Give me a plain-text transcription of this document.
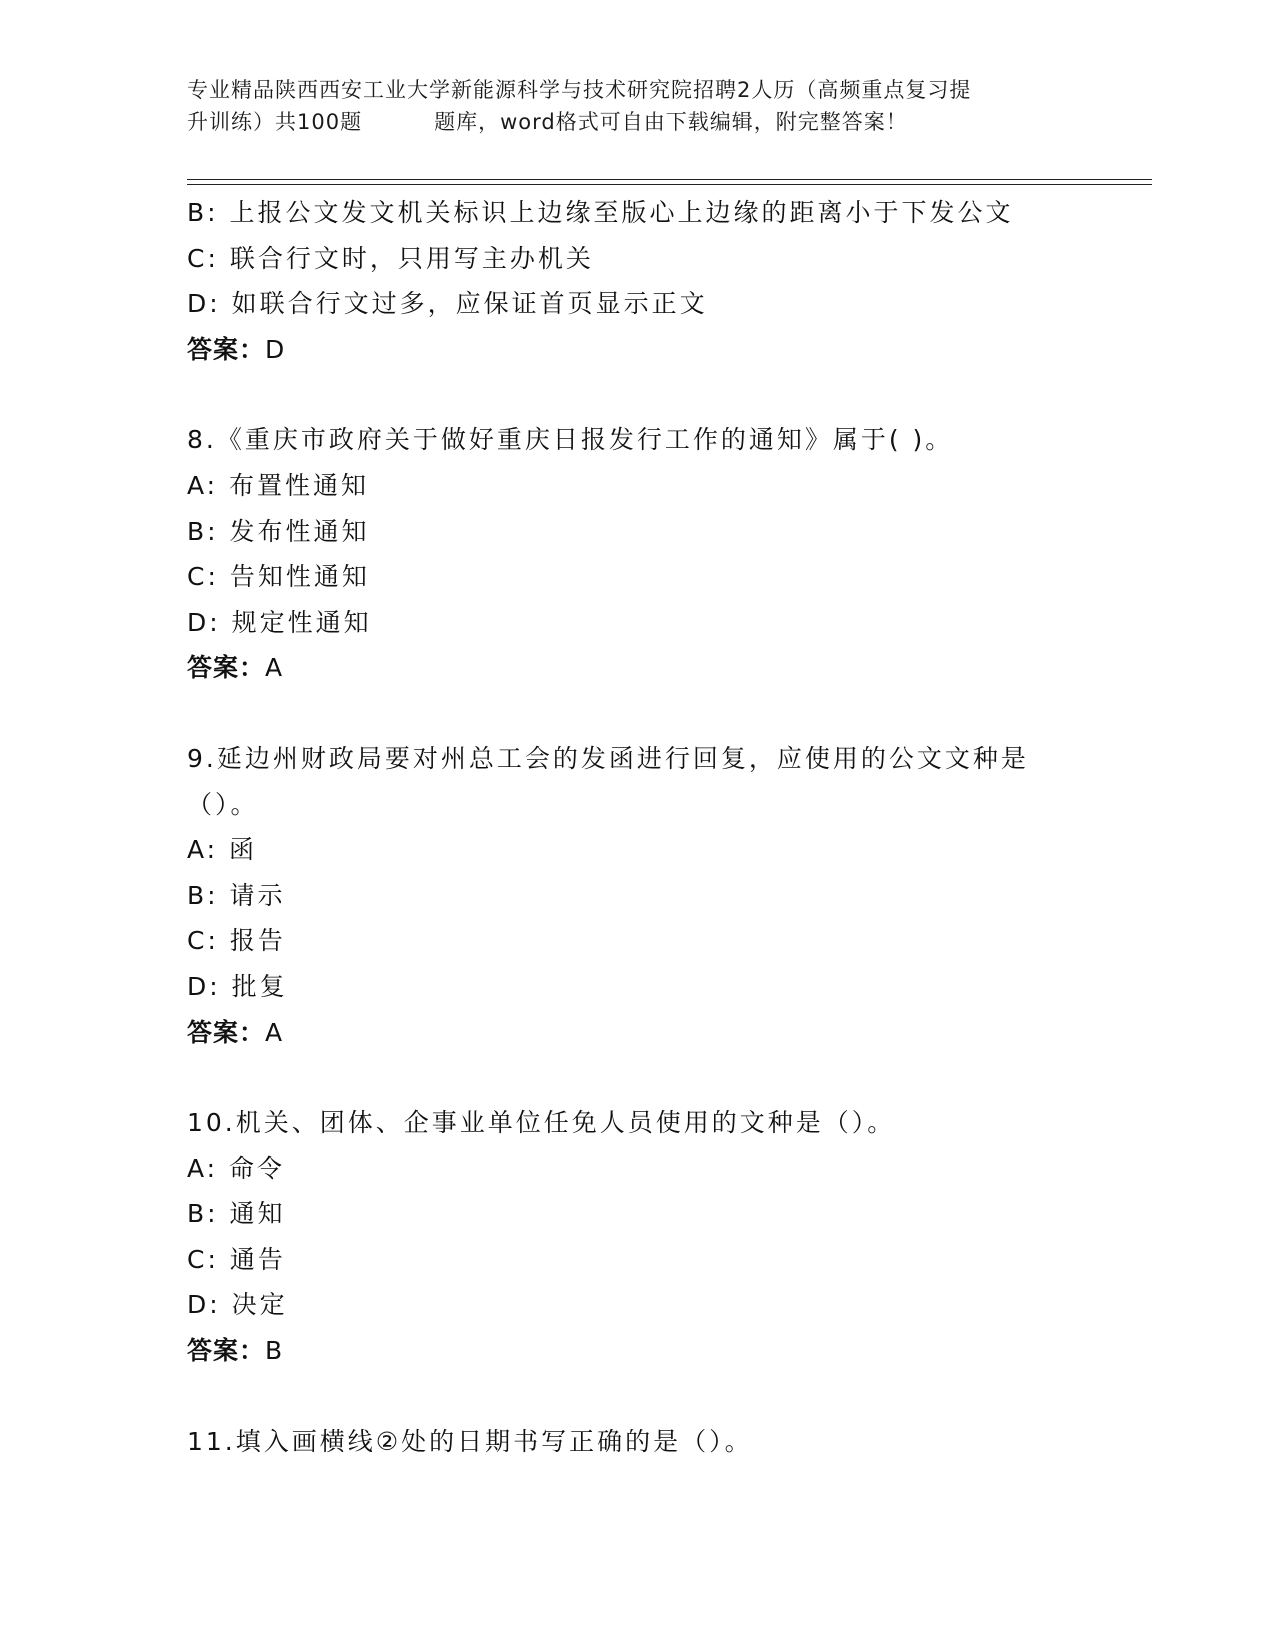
专业精品陕西西安工业大学新能源科学与技术研究院招聘2人历（高频重点复习提
升训练）共100题	题库，word格式可自由下载编辑，附完整答案！
B: 上报公文发文机关标识上边缘至版心上边缘的距离小于下发公文
C: 联合行文时，只用写主办机关
D: 如联合行文过多，应保证首页显示正文
答案：D
8.《重庆市政府关于做好重庆日报发行工作的通知》属于( )。
A: 布置性通知
B: 发布性通知
C: 告知性通知
D: 规定性通知
答案：A
9.延边州财政局要对州总工会的发函进行回复，应使用的公文文种是
（）。
A: 函
B: 请示
C: 报告
D: 批复
答案：A
10.机关、团体、企事业单位任免人员使用的文种是（）。
A: 命令
B: 通知
C: 通告
D: 决定
答案：B
11.填入画横线②处的日期书写正确的是（）。
